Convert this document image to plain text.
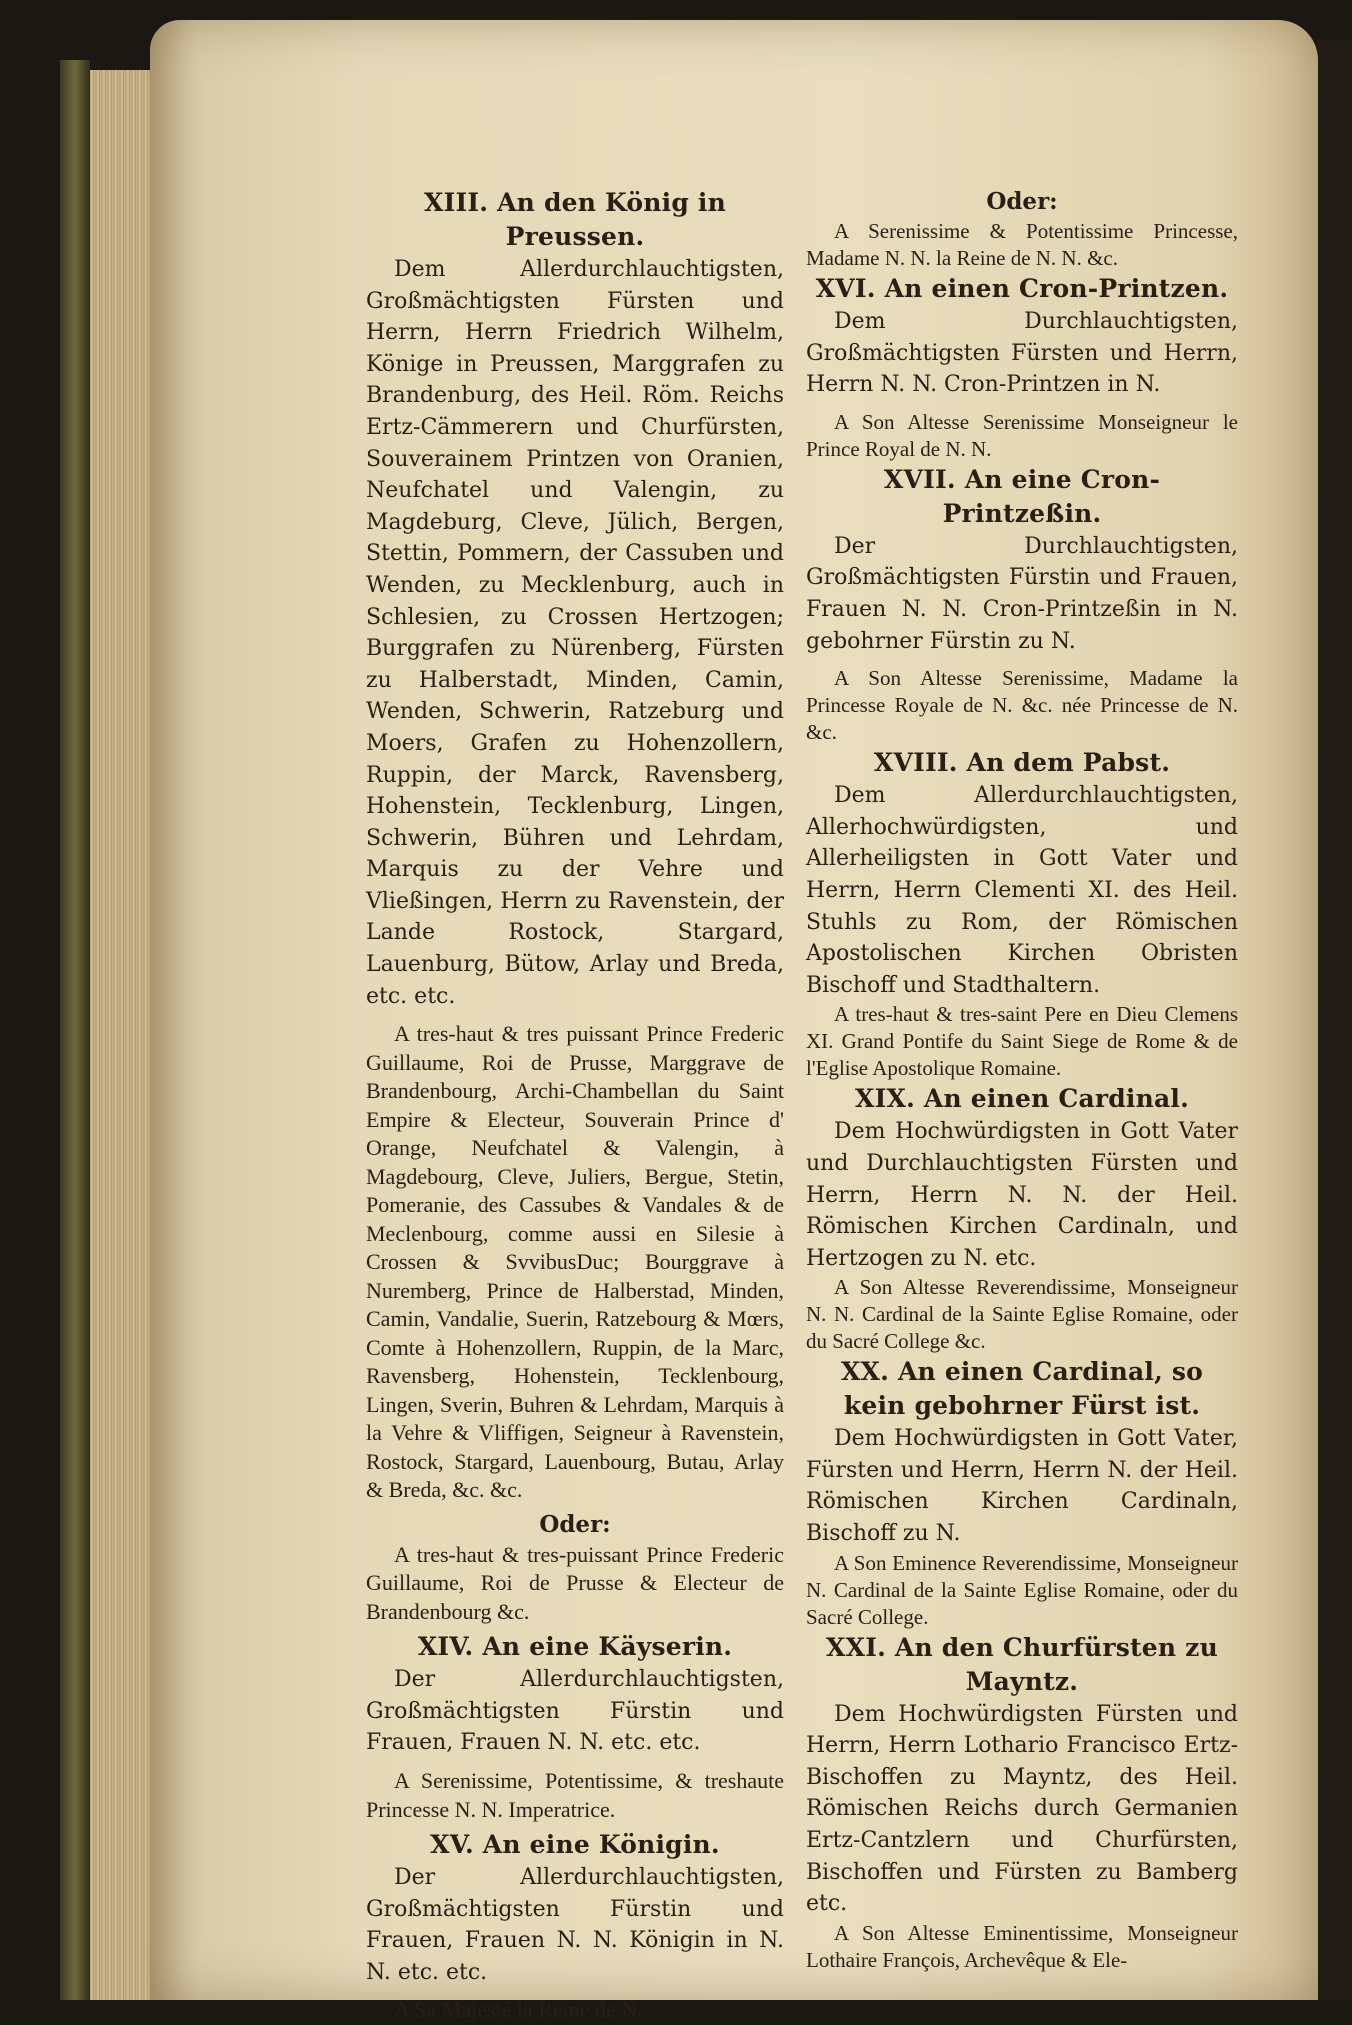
XIII. An den König in Preussen.

Dem Allerdurchlauchtigsten, Großmächtigsten Fürsten und Herrn, Herrn Friedrich Wilhelm, Könige in Preussen, Marggrafen zu Brandenburg, des Heil. Röm. Reichs Ertz-Cämmerern und Churfürsten, Souverainem Printzen von Oranien, Neufchatel und Valengin, zu Magdeburg, Cleve, Jülich, Bergen, Stettin, Pommern, der Cassuben und Wenden, zu Mecklenburg, auch in Schlesien, zu Crossen Hertzogen; Burggrafen zu Nürenberg, Fürsten zu Halberstadt, Minden, Camin, Wenden, Schwerin, Ratzeburg und Moers, Grafen zu Hohenzollern, Ruppin, der Marck, Ravensberg, Hohenstein, Tecklenburg, Lingen, Schwerin, Bühren und Lehrdam, Marquis zu der Vehre und Vließingen, Herrn zu Ravenstein, der Lande Rostock, Stargard, Lauenburg, Bütow, Arlay und Breda, etc. etc.

A tres-haut & tres puissant Prince Frederic Guillaume, Roi de Prusse, Marggrave de Brandenbourg, Archi-Chambellan du Saint Empire & Electeur, Souverain Prince d' Orange, Neufchatel & Valengin, à Magdebourg, Cleve, Juliers, Bergue, Stetin, Pomeranie, des Cassubes & Vandales & de Meclenbourg, comme aussi en Silesie à Crossen & SvvibusDuc; Bourggrave à Nuremberg, Prince de Halberstad, Minden, Camin, Vandalie, Suerin, Ratzebourg & Mœrs, Comte à Hohenzollern, Ruppin, de la Marc, Ravensberg, Hohenstein, Tecklenbourg, Lingen, Sverin, Buhren & Lehrdam, Marquis à la Vehre & Vliffigen, Seigneur à Ravenstein, Rostock, Stargard, Lauenbourg, Butau, Arlay & Breda, &c. &c.

Oder:

A tres-haut & tres-puissant Prince Frederic Guillaume, Roi de Prusse & Electeur de Brandenbourg &c.

XIV. An eine Käyserin.

Der Allerdurchlauchtigsten, Großmächtigsten Fürstin und Frauen, Frauen N. N. etc. etc.

A Serenissime, Potentissime, & treshaute Princesse N. N. Imperatrice.

XV. An eine Königin.

Der Allerdurchlauchtigsten, Großmächtigsten Fürstin und Frauen, Frauen N. N. Königin in N. N. etc. etc.

A Sa Majesté la Reine de N.

Oder:

A Serenissime & Potentissime Princesse, Madame N. N. la Reine de N. N. &c.

XVI. An einen Cron-Printzen.

Dem Durchlauchtigsten, Großmächtigsten Fürsten und Herrn, Herrn N. N. Cron-Printzen in N.

A Son Altesse Serenissime Monseigneur le Prince Royal de N. N.

XVII. An eine Cron-Printzeßin.

Der Durchlauchtigsten, Großmächtigsten Fürstin und Frauen, Frauen N. N. Cron-Printzeßin in N. gebohrner Fürstin zu N.

A Son Altesse Serenissime, Madame la Princesse Royale de N. &c. née Princesse de N. &c.

XVIII. An dem Pabst.

Dem Allerdurchlauchtigsten, Allerhochwürdigsten, und Allerheiligsten in Gott Vater und Herrn, Herrn Clementi XI. des Heil. Stuhls zu Rom, der Römischen Apostolischen Kirchen Obristen Bischoff und Stadthaltern.

A tres-haut & tres-saint Pere en Dieu Clemens XI. Grand Pontife du Saint Siege de Rome & de l'Eglise Apostolique Romaine.

XIX. An einen Cardinal.

Dem Hochwürdigsten in Gott Vater und Durchlauchtigsten Fürsten und Herrn, Herrn N. N. der Heil. Römischen Kirchen Cardinaln, und Hertzogen zu N. etc.

A Son Altesse Reverendissime, Monseigneur N. N. Cardinal de la Sainte Eglise Romaine, oder du Sacré College &c.

XX. An einen Cardinal, so kein gebohrner Fürst ist.

Dem Hochwürdigsten in Gott Vater, Fürsten und Herrn, Herrn N. der Heil. Römischen Kirchen Cardinaln, Bischoff zu N.

A Son Eminence Reverendissime, Monseigneur N. Cardinal de la Sainte Eglise Romaine, oder du Sacré College.

XXI. An den Churfürsten zu Mayntz.

Dem Hochwürdigsten Fürsten und Herrn, Herrn Lothario Francisco Ertz-Bischoffen zu Mayntz, des Heil. Römischen Reichs durch Germanien Ertz-Cantzlern und Churfürsten, Bischoffen und Fürsten zu Bamberg etc.

A Son Altesse Eminentissime, Monseigneur Lothaire François, Archevêque & Ele-
